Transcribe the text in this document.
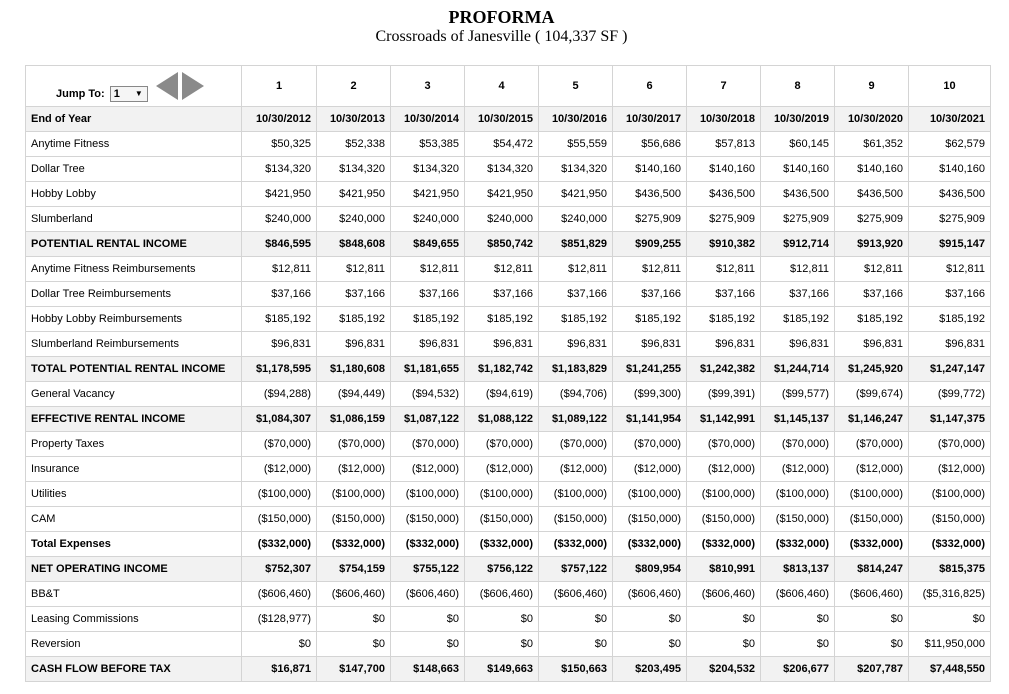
PROFORMA
Crossroads of Janesville ( 104,337 SF )
Jump To: 1 ▼	1	2	3	4	5	6	7	8	9	10
End of Year	10/30/2012	10/30/2013	10/30/2014	10/30/2015	10/30/2016	10/30/2017	10/30/2018	10/30/2019	10/30/2020	10/30/2021
Anytime Fitness	$50,325	$52,338	$53,385	$54,472	$55,559	$56,686	$57,813	$60,145	$61,352	$62,579
Dollar Tree	$134,320	$134,320	$134,320	$134,320	$134,320	$140,160	$140,160	$140,160	$140,160	$140,160
Hobby Lobby	$421,950	$421,950	$421,950	$421,950	$421,950	$436,500	$436,500	$436,500	$436,500	$436,500
Slumberland	$240,000	$240,000	$240,000	$240,000	$240,000	$275,909	$275,909	$275,909	$275,909	$275,909
POTENTIAL RENTAL INCOME	$846,595	$848,608	$849,655	$850,742	$851,829	$909,255	$910,382	$912,714	$913,920	$915,147
Anytime Fitness Reimbursements	$12,811	$12,811	$12,811	$12,811	$12,811	$12,811	$12,811	$12,811	$12,811	$12,811
Dollar Tree Reimbursements	$37,166	$37,166	$37,166	$37,166	$37,166	$37,166	$37,166	$37,166	$37,166	$37,166
Hobby Lobby Reimbursements	$185,192	$185,192	$185,192	$185,192	$185,192	$185,192	$185,192	$185,192	$185,192	$185,192
Slumberland Reimbursements	$96,831	$96,831	$96,831	$96,831	$96,831	$96,831	$96,831	$96,831	$96,831	$96,831
TOTAL POTENTIAL RENTAL INCOME	$1,178,595	$1,180,608	$1,181,655	$1,182,742	$1,183,829	$1,241,255	$1,242,382	$1,244,714	$1,245,920	$1,247,147
General Vacancy	($94,288)	($94,449)	($94,532)	($94,619)	($94,706)	($99,300)	($99,391)	($99,577)	($99,674)	($99,772)
EFFECTIVE RENTAL INCOME	$1,084,307	$1,086,159	$1,087,122	$1,088,122	$1,089,122	$1,141,954	$1,142,991	$1,145,137	$1,146,247	$1,147,375
Property Taxes	($70,000)	($70,000)	($70,000)	($70,000)	($70,000)	($70,000)	($70,000)	($70,000)	($70,000)	($70,000)
Insurance	($12,000)	($12,000)	($12,000)	($12,000)	($12,000)	($12,000)	($12,000)	($12,000)	($12,000)	($12,000)
Utilities	($100,000)	($100,000)	($100,000)	($100,000)	($100,000)	($100,000)	($100,000)	($100,000)	($100,000)	($100,000)
CAM	($150,000)	($150,000)	($150,000)	($150,000)	($150,000)	($150,000)	($150,000)	($150,000)	($150,000)	($150,000)
Total Expenses	($332,000)	($332,000)	($332,000)	($332,000)	($332,000)	($332,000)	($332,000)	($332,000)	($332,000)	($332,000)
NET OPERATING INCOME	$752,307	$754,159	$755,122	$756,122	$757,122	$809,954	$810,991	$813,137	$814,247	$815,375
BB&T	($606,460)	($606,460)	($606,460)	($606,460)	($606,460)	($606,460)	($606,460)	($606,460)	($606,460)	($5,316,825)
Leasing Commissions	($128,977)	$0	$0	$0	$0	$0	$0	$0	$0	$0
Reversion	$0	$0	$0	$0	$0	$0	$0	$0	$0	$11,950,000
CASH FLOW BEFORE TAX	$16,871	$147,700	$148,663	$149,663	$150,663	$203,495	$204,532	$206,677	$207,787	$7,448,550
